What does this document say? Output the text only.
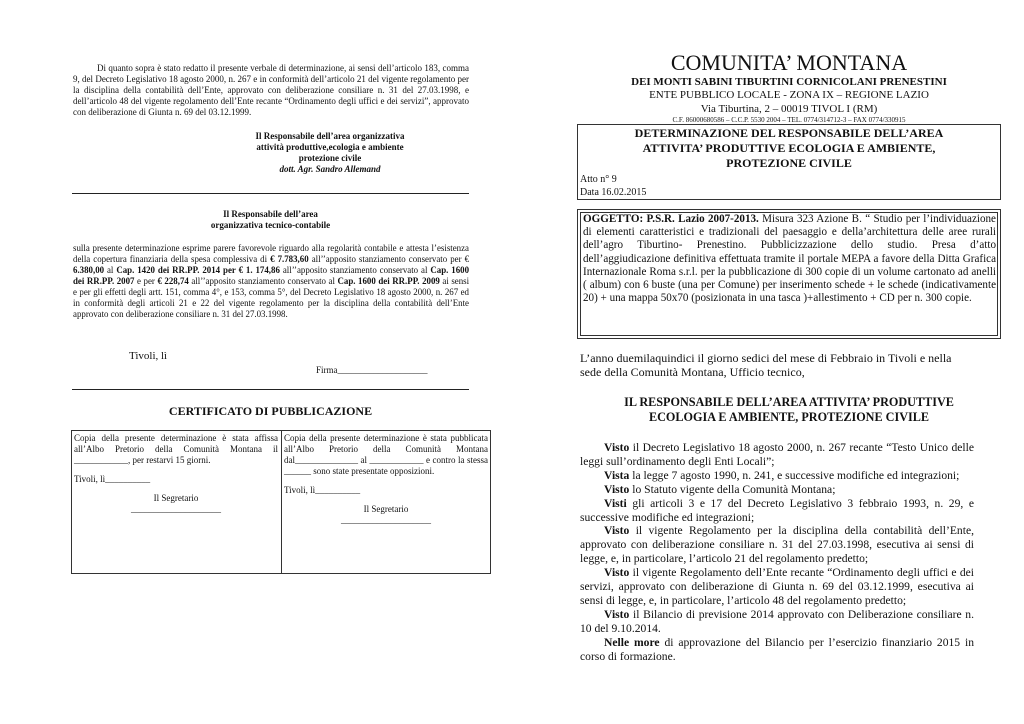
Di quanto sopra è stato redatto il presente verbale di determinazione, ai sensi dell’articolo 183, comma 9, del Decreto Legislativo 18 agosto 2000, n. 267 e in conformità dell’articolo 21 del vigente regolamento per la disciplina della contabilità dell’Ente, approvato con deliberazione consiliare n. 31 del 27.03.1998, e dell’articolo 48 del vigente regolamento dell’Ente recante “Ordinamento degli uffici e dei servizi”, approvato con deliberazione di Giunta n. 69 del 03.12.1999.
Il Responsabile dell’area organizzativa
attività produttive,ecologia e ambiente
protezione civile
dott. Agr. Sandro Allemand
Il Responsabile dell’area
organizzativa tecnico-contabile
sulla presente determinazione esprime parere favorevole riguardo alla regolarità contabile e attesta l’esistenza della copertura finanziaria della spesa complessiva di € 7.783,60 all’’apposito stanziamento conservato per € 6.380,00 al Cap. 1420 dei RR.PP. 2014 per € 1. 174,86 all’’apposito stanziamento conservato al Cap. 1600 dei RR.PP. 2007 e per € 228,74 all’’apposito stanziamento conservato al Cap. 1600 dei RR.PP. 2009 ai sensi e per gli effetti degli artt. 151, comma 4°, e 153, comma 5°, del Decreto Legislativo 18 agosto 2000, n. 267 ed in conformità degli articoli 21 e 22 del vigente regolamento per la disciplina della contabilità dell’Ente approvato con deliberazione consiliare n. 31 del 27.03.1998.
Tivoli, lì
Firma____________________
CERTIFICATO DI PUBBLICAZIONE
Copia della presente determinazione è stata affissa all’Albo Pretorio della Comunità Montana il ____________, per restarvi 15 giorni.
Tivoli, lì__________
Il Segretario
____________________
Copia della presente determinazione è stata pubblicata all’Albo Pretorio della Comunità Montana dal______________ al ____________ e contro la stessa ______ sono state presentate opposizioni.
Tivoli, lì__________
Il Segretario
____________________
COMUNITA’ MONTANA
DEI MONTI SABINI TIBURTINI CORNICOLANI PRENESTINI
ENTE PUBBLICO LOCALE - ZONA IX – REGIONE LAZIO
Via Tiburtina, 2 – 00019 TIVOL I (RM)
C.F. 86000680586 – C.C.P. 5530 2004 – TEL. 0774/314712-3 – FAX 0774/330915
DETERMINAZIONE DEL RESPONSABILE DELL’AREA
ATTIVITA’ PRODUTTIVE ECOLOGIA E AMBIENTE,
PROTEZIONE CIVILE
Atto n° 9
Data 16.02.2015
OGGETTO: P.S.R. Lazio 2007-2013. Misura 323 Azione B. “ Studio per l’individuazione di elementi caratteristici e tradizionali del paesaggio e della’architettura delle aree rurali dell’agro Tiburtino- Prenestino. Pubblicizzazione dello studio. Presa d’atto dell’aggiudicazione definitiva effettuata tramite il portale MEPA a favore della Ditta Grafica Internazionale Roma s.r.l. per la pubblicazione di 300 copie di un volume cartonato ad anelli ( album) con 6 buste (una per Comune) per inserimento schede + le schede (indicativamente 20) + una mappa 50x70 (posizionata in una tasca )+allestimento + CD per n. 300 copie.
L’anno duemilaquindici il giorno sedici del mese di Febbraio in Tivoli e nella sede della Comunità Montana, Ufficio tecnico,
IL RESPONSABILE DELL’AREA ATTIVITA’ PRODUTTIVE
ECOLOGIA E AMBIENTE, PROTEZIONE CIVILE

Visto il Decreto Legislativo 18 agosto 2000, n. 267 recante “Testo Unico delle leggi sull’ordinamento degli Enti Locali”;

Vista la legge 7 agosto 1990, n. 241, e successive modifiche ed integrazioni;

Visto lo Statuto vigente della Comunità Montana;

Visti gli articoli 3 e 17 del Decreto Legislativo 3 febbraio 1993, n. 29, e successive modifiche ed integrazioni;

Visto il vigente Regolamento per la disciplina della contabilità dell’Ente, approvato con deliberazione consiliare n. 31 del 27.03.1998, esecutiva ai sensi di legge, e, in particolare, l’articolo 21 del regolamento predetto;

Visto il vigente Regolamento dell’Ente recante “Ordinamento degli uffici e dei servizi, approvato con deliberazione di Giunta n. 69 del 03.12.1999, esecutiva ai sensi di legge, e, in particolare, l’articolo 48 del regolamento predetto;

Visto il Bilancio di previsione 2014 approvato con Deliberazione consiliare n. 10 del 9.10.2014.

Nelle more di approvazione del Bilancio per l’esercizio finanziario 2015 in corso di formazione.
